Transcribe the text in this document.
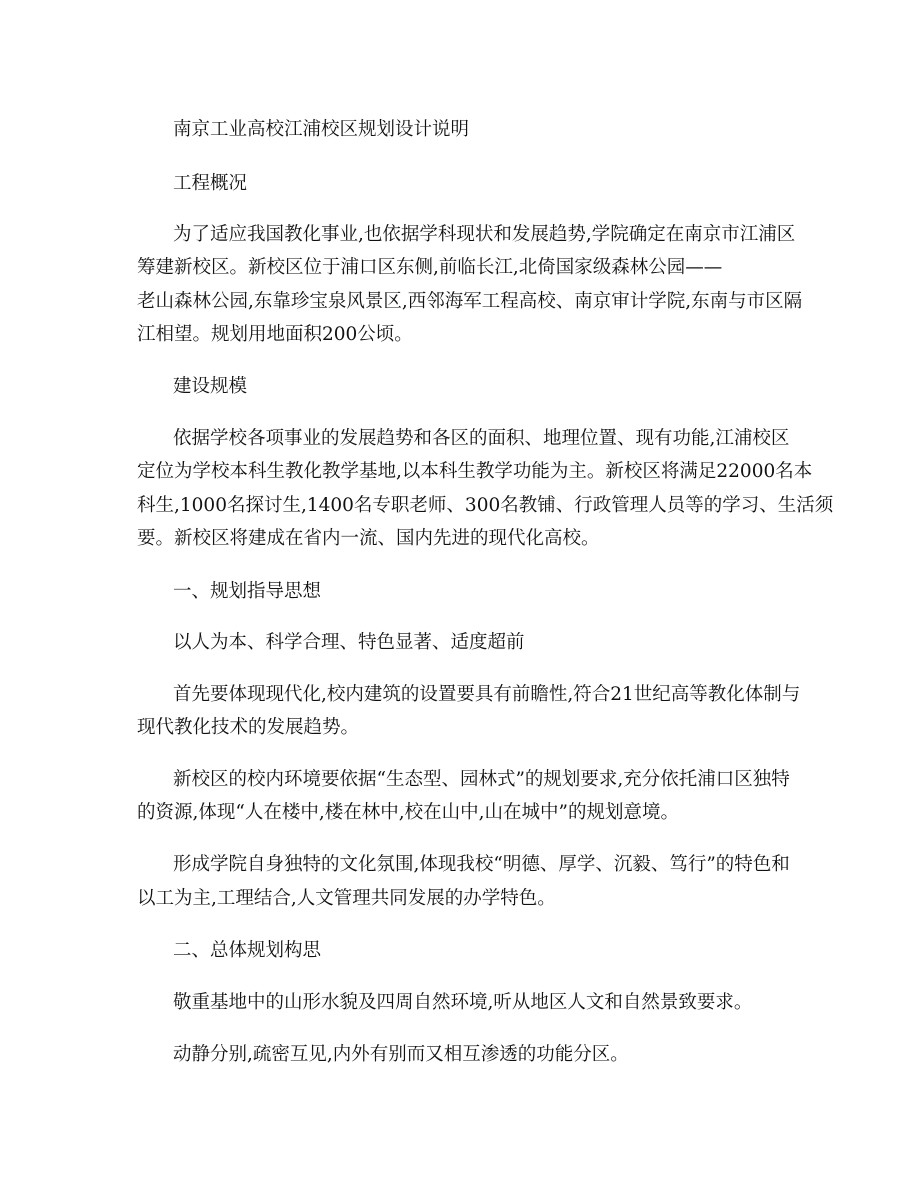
南京工业高校江浦校区规划设计说明
工程概况
为了适应我国教化事业,也依据学科现状和发展趋势,学院确定在南京市江浦区
筹建新校区。新校区位于浦口区东侧,前临长江,北倚国家级森林公园——
老山森林公园,东靠珍宝泉风景区,西邻海军工程高校、南京审计学院,东南与市区隔
江相望。规划用地面积200公顷。
建设规模
依据学校各项事业的发展趋势和各区的面积、地理位置、现有功能,江浦校区
定位为学校本科生教化教学基地,以本科生教学功能为主。新校区将满足22000名本
科生,1000名探讨生,1400名专职老师、300名教铺、行政管理人员等的学习、生活须
要。新校区将建成在省内一流、国内先进的现代化高校。
一、规划指导思想
以人为本、科学合理、特色显著、适度超前
首先要体现现代化,校内建筑的设置要具有前瞻性,符合21世纪高等教化体制与
现代教化技术的发展趋势。
新校区的校内环境要依据“生态型、园林式”的规划要求,充分依托浦口区独特
的资源,体现“人在楼中,楼在林中,校在山中,山在城中”的规划意境。
形成学院自身独特的文化氛围,体现我校“明德、厚学、沉毅、笃行”的特色和
以工为主,工理结合,人文管理共同发展的办学特色。
二、总体规划构思
敬重基地中的山形水貌及四周自然环境,听从地区人文和自然景致要求。
动静分别,疏密互见,内外有别而又相互渗透的功能分区。
